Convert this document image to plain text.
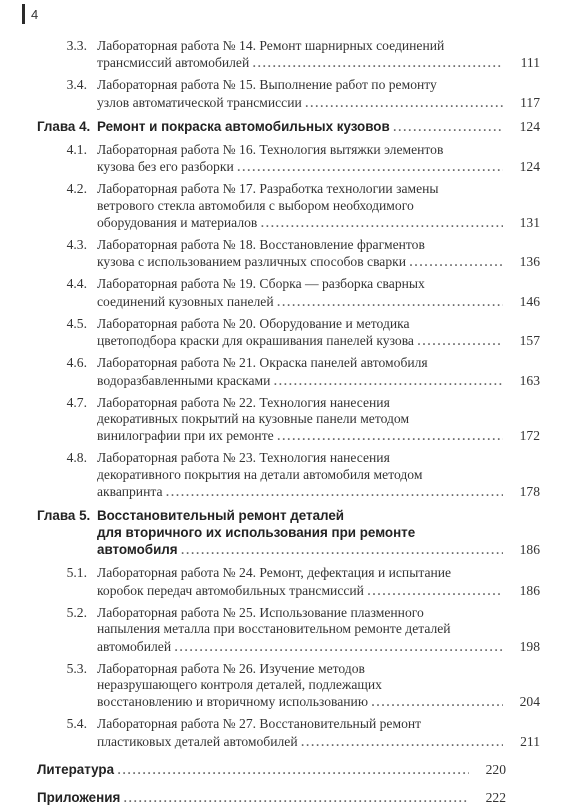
4
3.3. Лабораторная работа № 14. Ремонт шарнирных соединений
трансмиссий автомобилей .....	111
3.4. Лабораторная работа № 15. Выполнение работ по ремонту
узлов автоматической трансмиссии .....	117
Глава 4. Ремонт и покраска автомобильных кузовов .....	124
4.1. Лабораторная работа № 16. Технология вытяжки элементов
кузова без его разборки .....	124
4.2. Лабораторная работа № 17. Разработка технологии замены
ветрового стекла автомобиля с выбором необходимого
оборудования и материалов .....	131
4.3. Лабораторная работа № 18. Восстановление фрагментов
кузова с использованием различных способов сварки .....	136
4.4. Лабораторная работа № 19. Сборка — разборка сварных
соединений кузовных панелей .....	146
4.5. Лабораторная работа № 20. Оборудование и методика
цветоподбора краски для окрашивания панелей кузова .....	157
4.6. Лабораторная работа № 21. Окраска панелей автомобиля
водоразбавленными красками .....	163
4.7. Лабораторная работа № 22. Технология нанесения
декоративных покрытий на кузовные панели методом
винилографии при их ремонте .....	172
4.8. Лабораторная работа № 23. Технология нанесения
декоративного покрытия на детали автомобиля методом
аквапринта .....	178
Глава 5. Восстановительный ремонт деталей
для вторичного их использования при ремонте
автомобиля .....	186
5.1. Лабораторная работа № 24. Ремонт, дефектация и испытание
коробок передач автомобильных трансмиссий .....	186
5.2. Лабораторная работа № 25. Использование плазменного
напыления металла при восстановительном ремонте деталей
автомобилей .....	198
5.3. Лабораторная работа № 26. Изучение методов
неразрушающего контроля деталей, подлежащих
восстановлению и вторичному использованию .....	204
5.4. Лабораторная работа № 27. Восстановительный ремонт
пластиковых деталей автомобилей .....	211
Литература .....	220
Приложения .....	222
